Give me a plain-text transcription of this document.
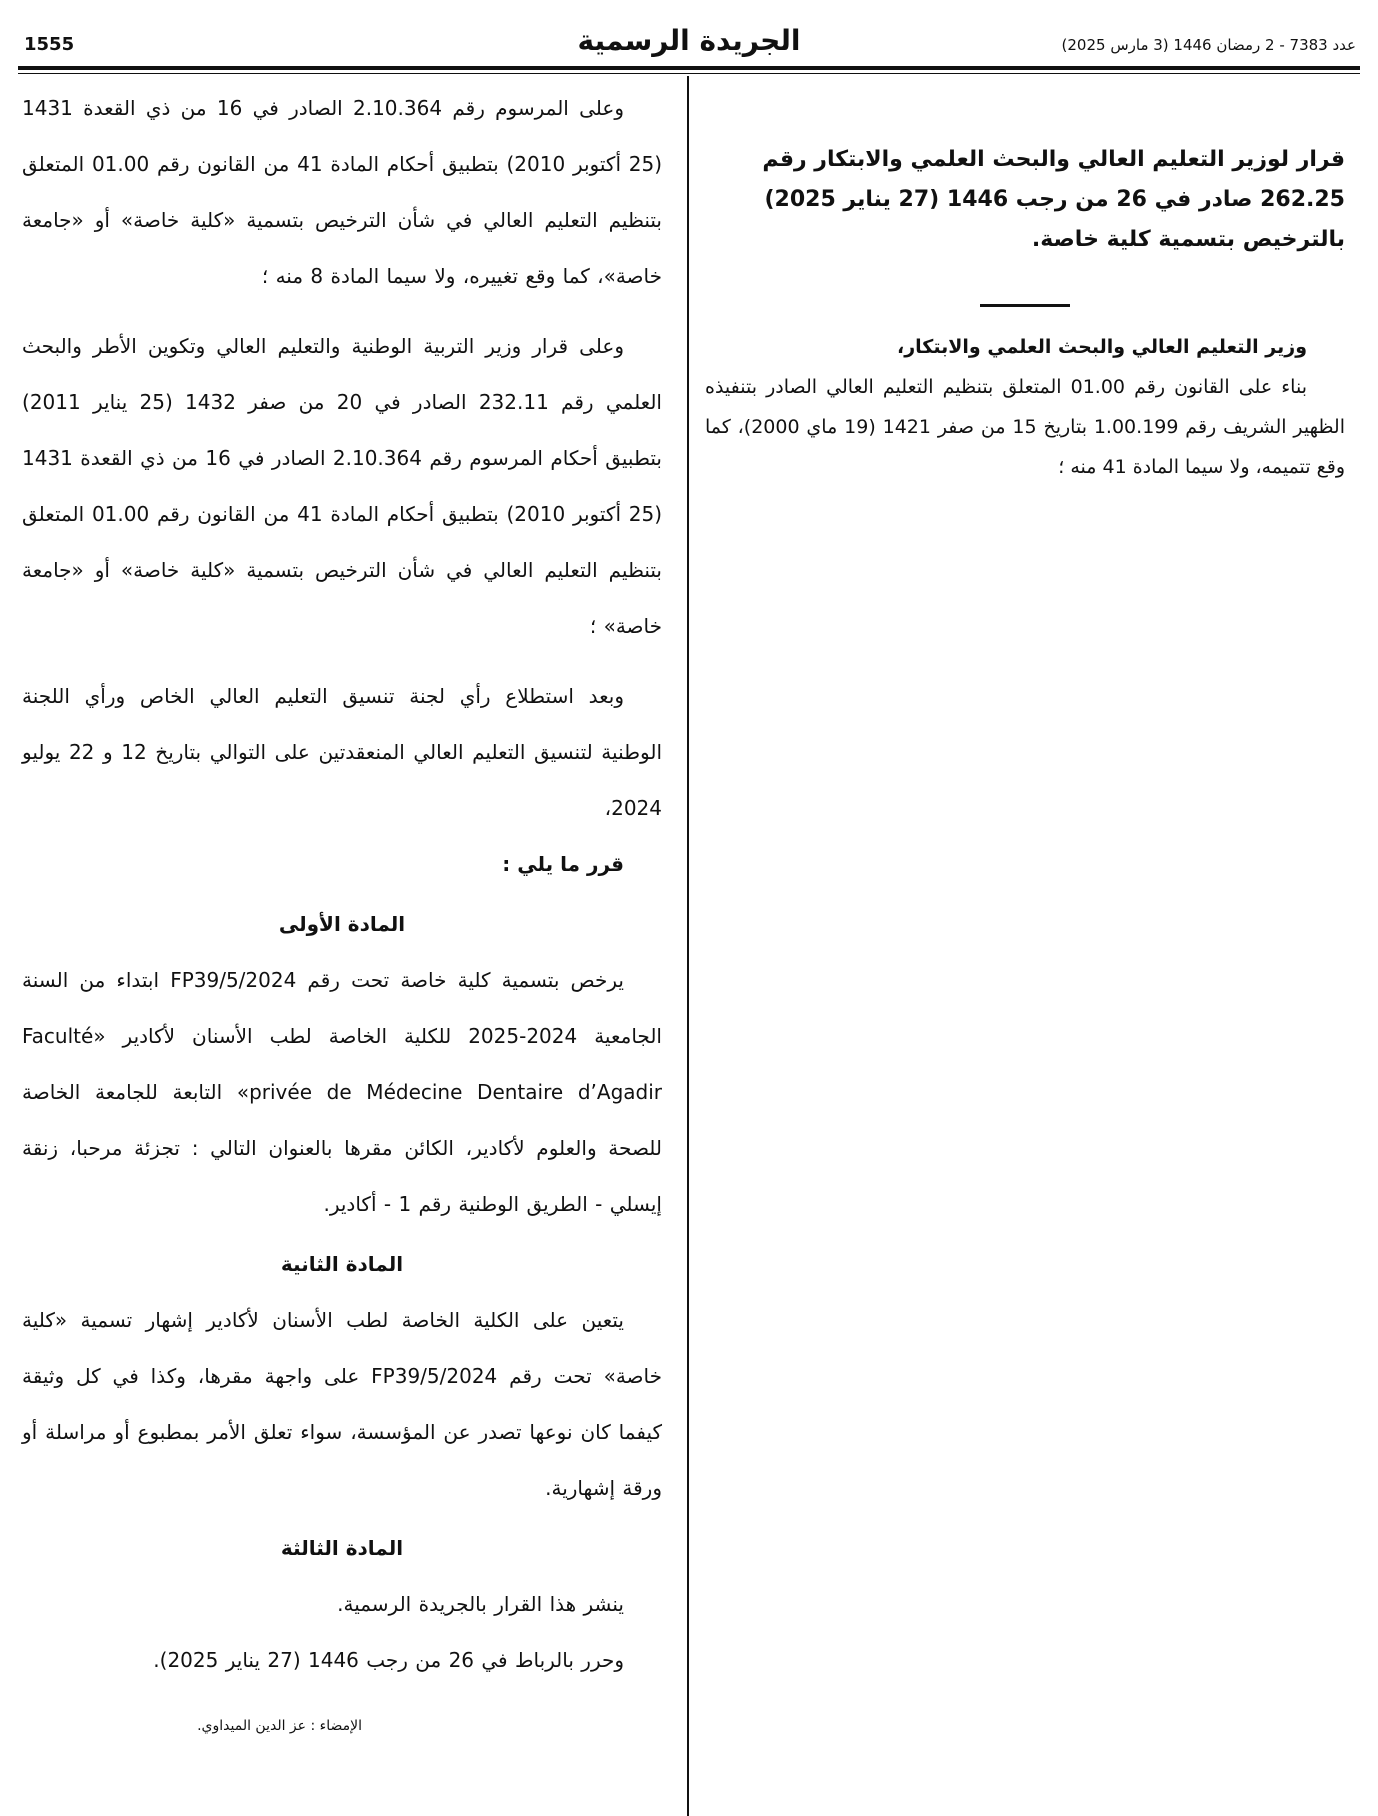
1555	الجريدة الرسمية	عدد 7383 - 2 رمضان 1446 (3 مارس 2025)

قرار لوزير التعليم العالي والبحث العلمي والابتكار رقم 262.25 صادر في 26 من رجب 1446 (27 يناير 2025) بالترخيص بتسمية كلية خاصة.

وزير التعليم العالي والبحث العلمي والابتكار،

بناء على القانون رقم 01.00 المتعلق بتنظيم التعليم العالي الصادر بتنفيذه الظهير الشريف رقم 1.00.199 بتاريخ 15 من صفر 1421 (19 ماي 2000)، كما وقع تتميمه، ولا سيما المادة 41 منه ؛

وعلى المرسوم رقم 2.10.364 الصادر في 16 من ذي القعدة 1431 (25 أكتوبر 2010) بتطبيق أحكام المادة 41 من القانون رقم 01.00 المتعلق بتنظيم التعليم العالي في شأن الترخيص بتسمية «كلية خاصة» أو «جامعة خاصة»، كما وقع تغييره، ولا سيما المادة 8 منه ؛

وعلى قرار وزير التربية الوطنية والتعليم العالي وتكوين الأطر والبحث العلمي رقم 232.11 الصادر في 20 من صفر 1432 (25 يناير 2011) بتطبيق أحكام المرسوم رقم 2.10.364 الصادر في 16 من ذي القعدة 1431 (25 أكتوبر 2010) بتطبيق أحكام المادة 41 من القانون رقم 01.00 المتعلق بتنظيم التعليم العالي في شأن الترخيص بتسمية «كلية خاصة» أو «جامعة خاصة» ؛

وبعد استطلاع رأي لجنة تنسيق التعليم العالي الخاص ورأي اللجنة الوطنية لتنسيق التعليم العالي المنعقدتين على التوالي بتاريخ 12 و 22 يوليو 2024،

قرر ما يلي :

المادة الأولى

يرخص بتسمية كلية خاصة تحت رقم FP39/5/2024 ابتداء من السنة الجامعية 2024-2025 للكلية الخاصة لطب الأسنان لأكادير «Faculté privée de Médecine Dentaire d’Agadir» التابعة للجامعة الخاصة للصحة والعلوم لأكادير، الكائن مقرها بالعنوان التالي : تجزئة مرحبا، زنقة إيسلي - الطريق الوطنية رقم 1 - أكادير.

المادة الثانية

يتعين على الكلية الخاصة لطب الأسنان لأكادير إشهار تسمية «كلية خاصة» تحت رقم FP39/5/2024 على واجهة مقرها، وكذا في كل وثيقة كيفما كان نوعها تصدر عن المؤسسة، سواء تعلق الأمر بمطبوع أو مراسلة أو ورقة إشهارية.

المادة الثالثة

ينشر هذا القرار بالجريدة الرسمية.

وحرر بالرباط في 26 من رجب 1446 (27 يناير 2025).

الإمضاء : عز الدين الميداوي.
